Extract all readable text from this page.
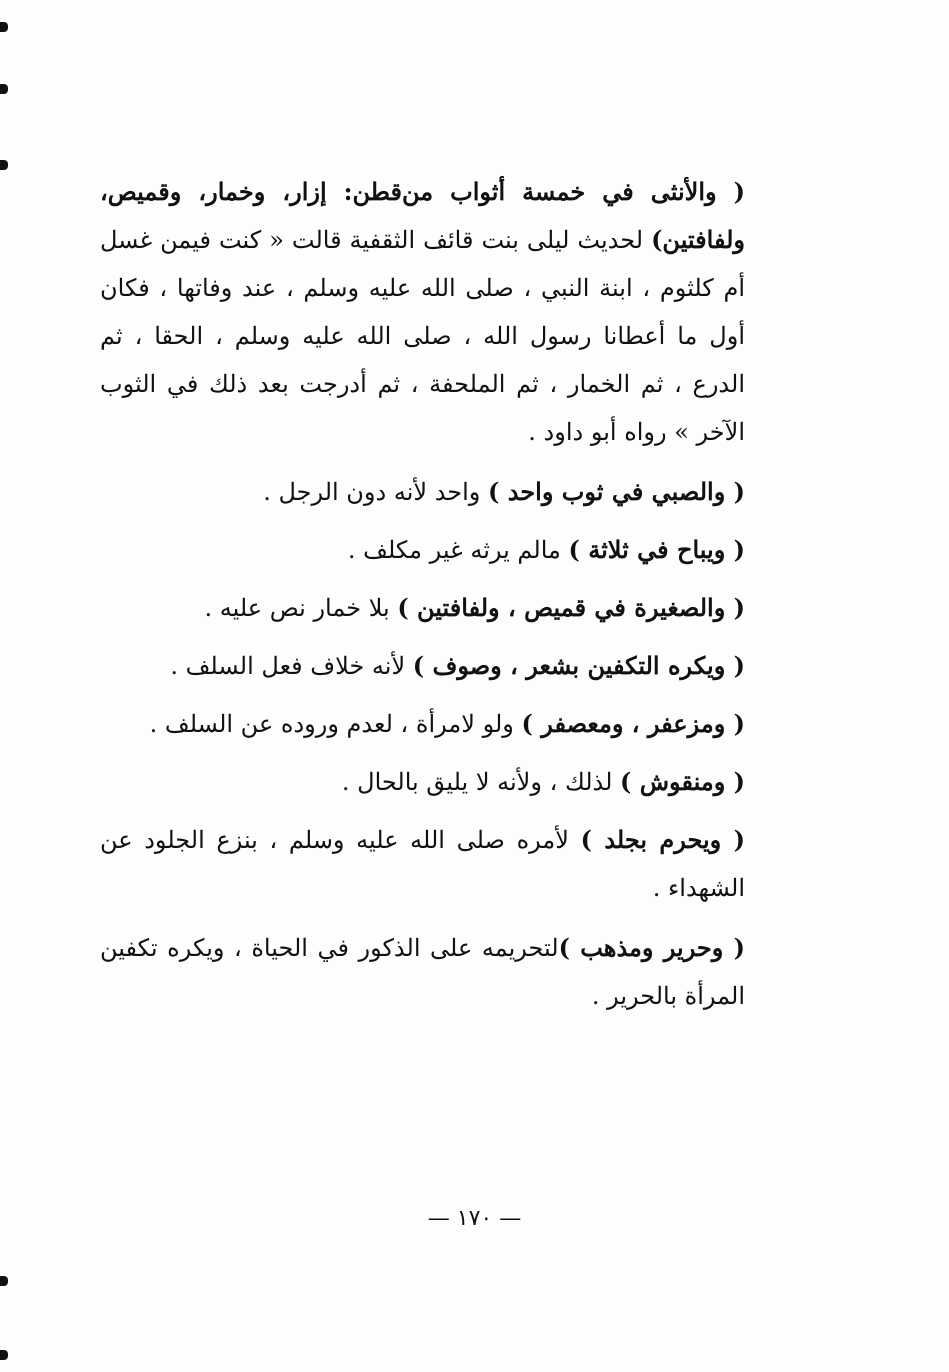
( والأنثى في خمسة أثواب من‌قطن: إزار، وخمار، وقميص، ولفافتين) لحديث ليلى بنت قائف الثقفية قالت « كنت فيمن غسل أم كلثوم ، ابنة النبي ، صلى الله عليه وسلم ، عند وفاتها ، فكان أول ما أعطانا رسول الله ، صلى الله عليه وسلم ، الحقا ، ثم الدرع ، ثم الخمار ، ثم الملحفة ، ثم أدرجت بعد ذلك في الثوب الآخر » رواه أبو داود .

( والصبي في ثوب واحد ) واحد لأنه دون الرجل .

( ويباح في ثلاثة ) مالم يرثه غير مكلف .

( والصغيرة في قميص ، ولفافتين ) بلا خمار نص عليه .

( ويكره التكفين بشعر ، وصوف ) لأنه خلاف فعل السلف .

( ومزعفر ، ومعصفر ) ولو لامرأة ، لعدم وروده عن السلف .

( ومنقوش ) لذلك ، ولأنه لا يليق بالحال .

( ويحرم بجلد ) لأمره صلى الله عليه وسلم ، بنزع الجلود عن الشهداء .

( وحرير ومذهب )لتحريمه على الذكور في الحياة ، ويكره تكفين المرأة بالحرير .

— ١٧٠ —
